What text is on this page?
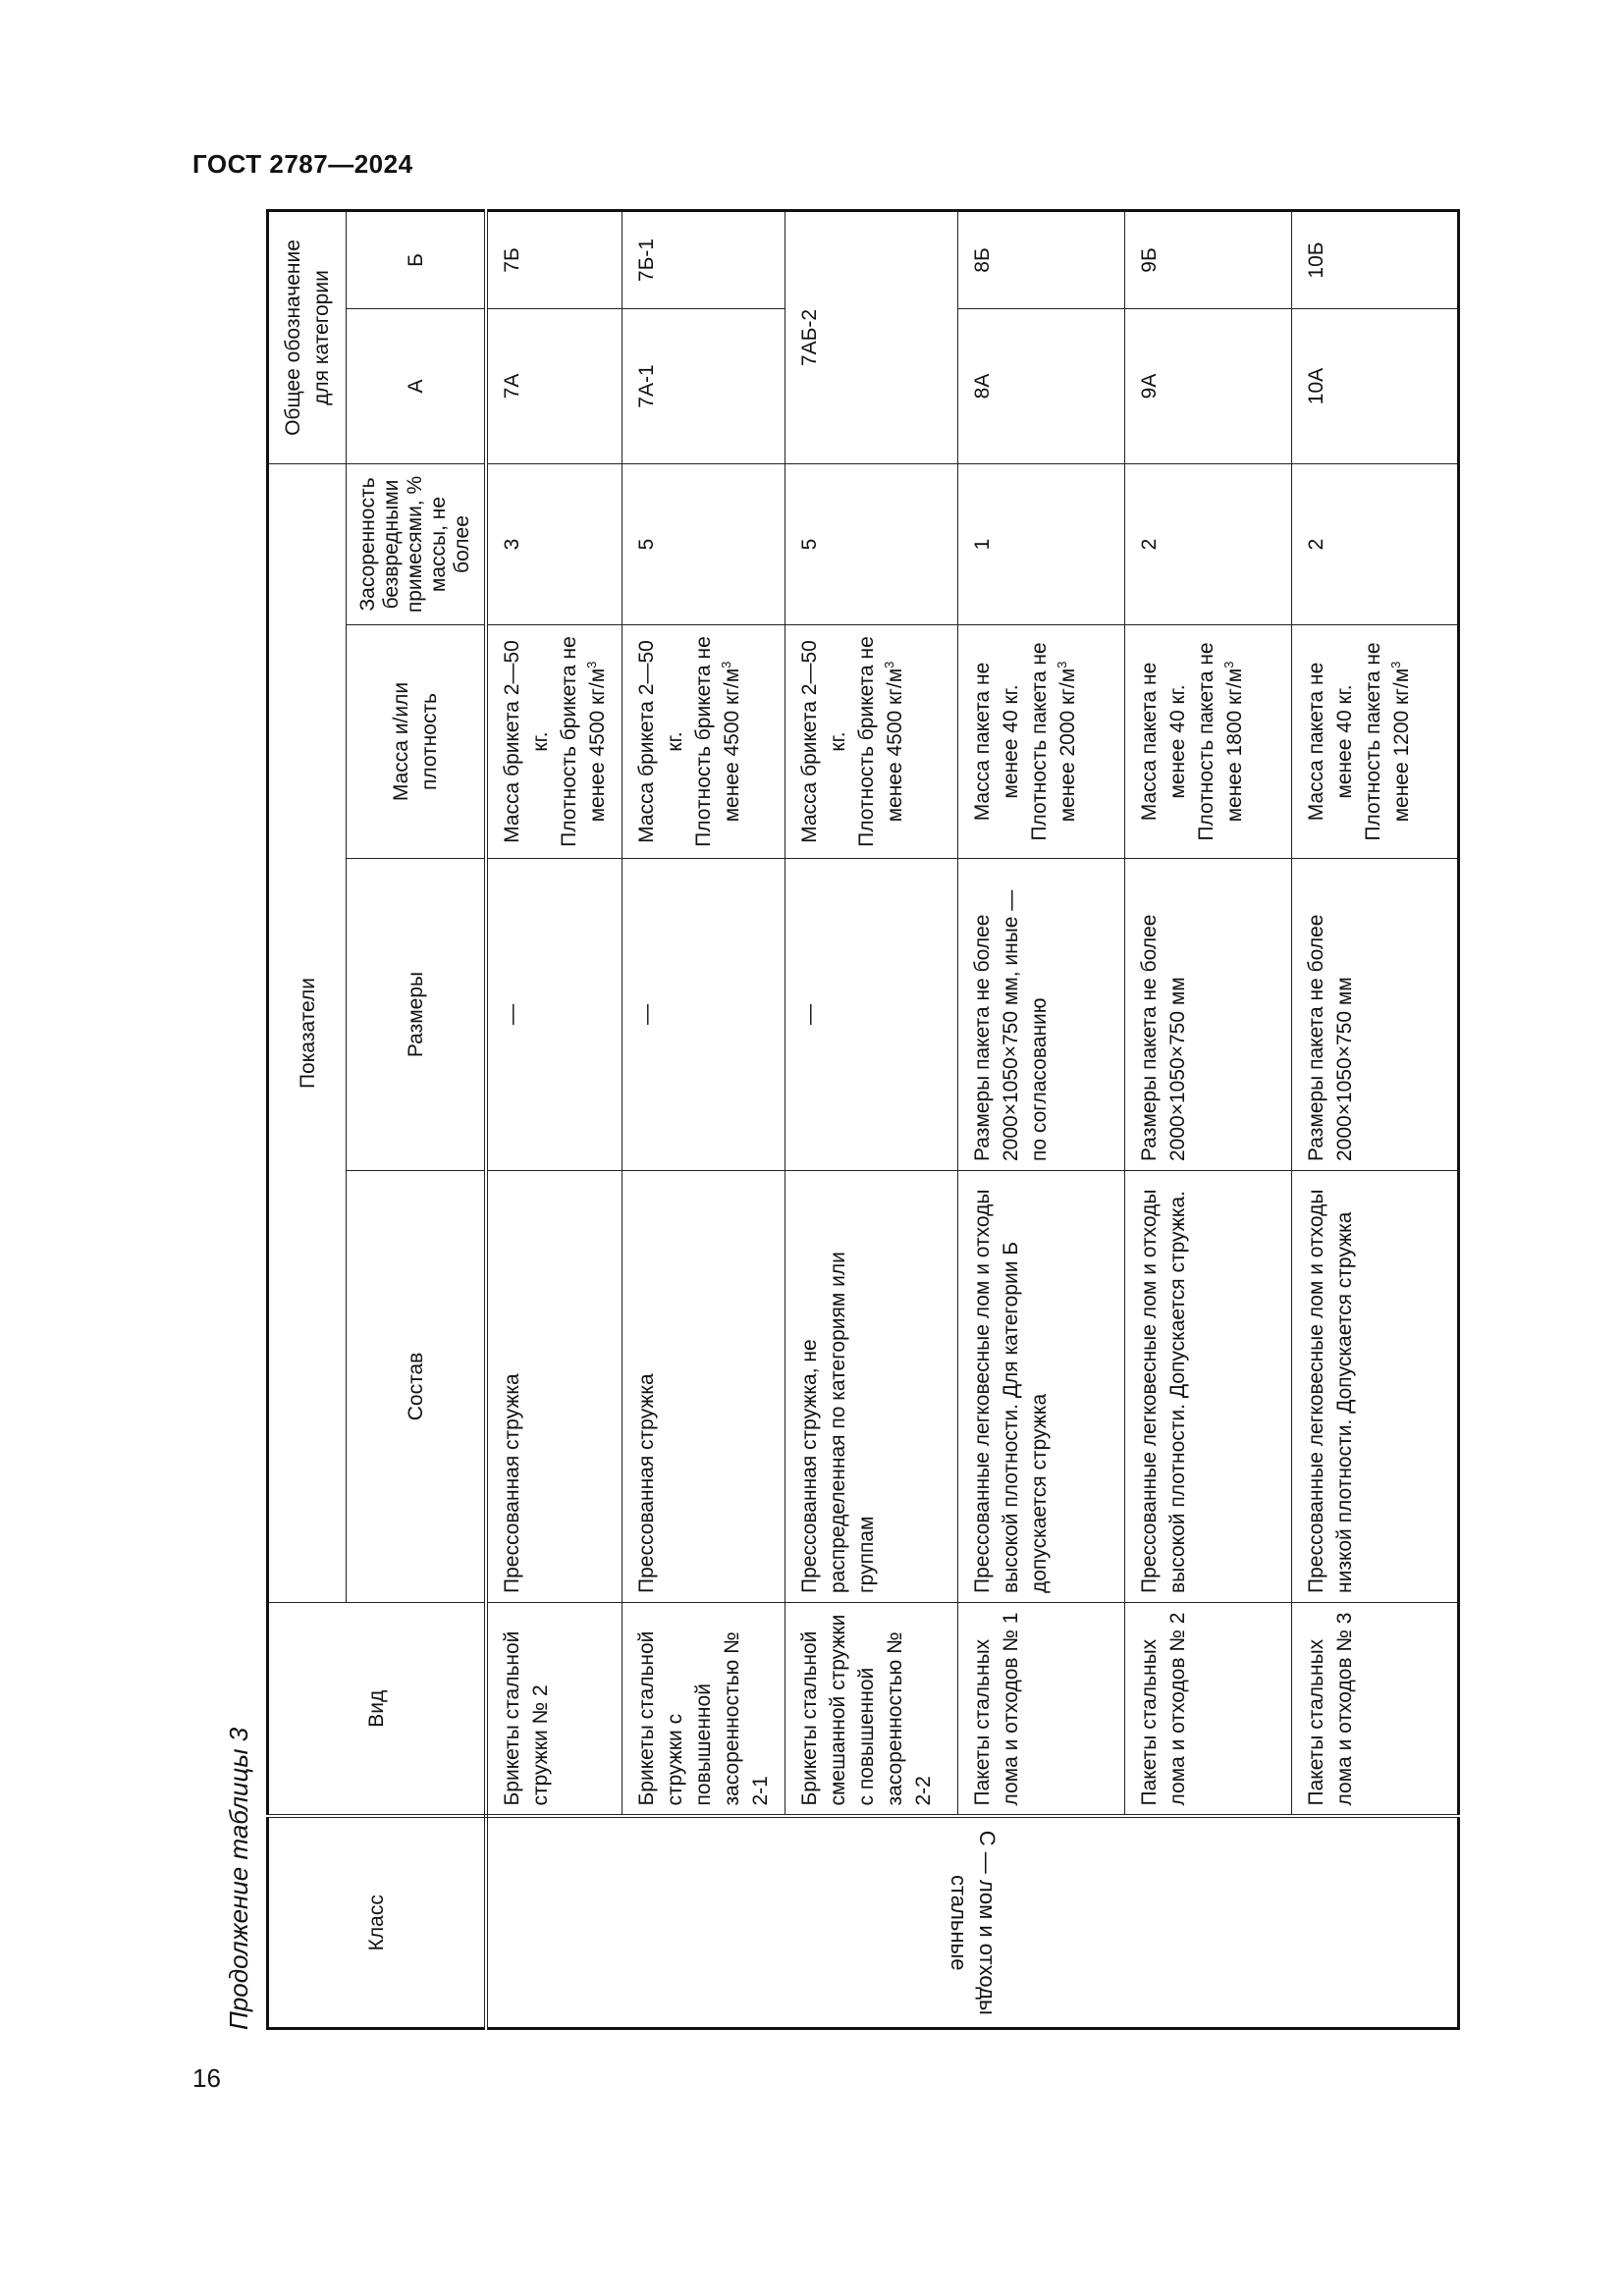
ГОСТ 2787—2024
16
Продолжение таблицы 3	Класс	Вид	Показатели				Общее обозначение для категории	
		Состав	Размеры	Масса и/или плотность	Засоренность безвредными примесями, % массы, не более	А	Б
С — лом и отходы стальные	Брикеты стальной стружки № 2	Прессованная стружка	—	Масса брикета 2—50 кг. Плотность брикета не менее 4500 $кг/м^3$	3	7А	7Б
	Брикеты стальной стружки с повышенной засоренностью № 2-1	Прессованная стружка	—	Масса брикета 2—50 кг. Плотность брикета не менее 4500 $кг/м^3$	5	7А-1	7Б-1
	Брикеты стальной смешанной стружки с повышенной засоренностью № 2-2	Прессованная стружка, не распределенная по категориям или группам	—	Масса брикета 2—50 кг. Плотность брикета не менее 4500 $кг/м^3$	5	7АБ-2	
	Пакеты стальных лома и отходов № 1	Прессованные легковесные лом и отходы высокой плотности. Для категории Б допускается стружка	Размеры пакета не более 2000×1050×750 мм, иные — по согласованию	Масса пакета не менее 40 кг. Плотность пакета не менее 2000 $кг/м^3$	1	8А	8Б
	Пакеты стальных лома и отходов № 2	Прессованные легковесные лом и отходы высокой плотности. Допускается стружка.	Размеры пакета не более 2000×1050×750 мм	Масса пакета не менее 40 кг. Плотность пакета не менее 1800 $кг/м^3$	2	9А	9Б
	Пакеты стальных лома и отходов № 3	Прессованные легковесные лом и отходы низкой плотности. Допускается стружка	Размеры пакета не более 2000×1050×750 мм	Масса пакета не менее 40 кг. Плотность пакета не менее 1200 $кг/м^3$	2	10А	10Б
